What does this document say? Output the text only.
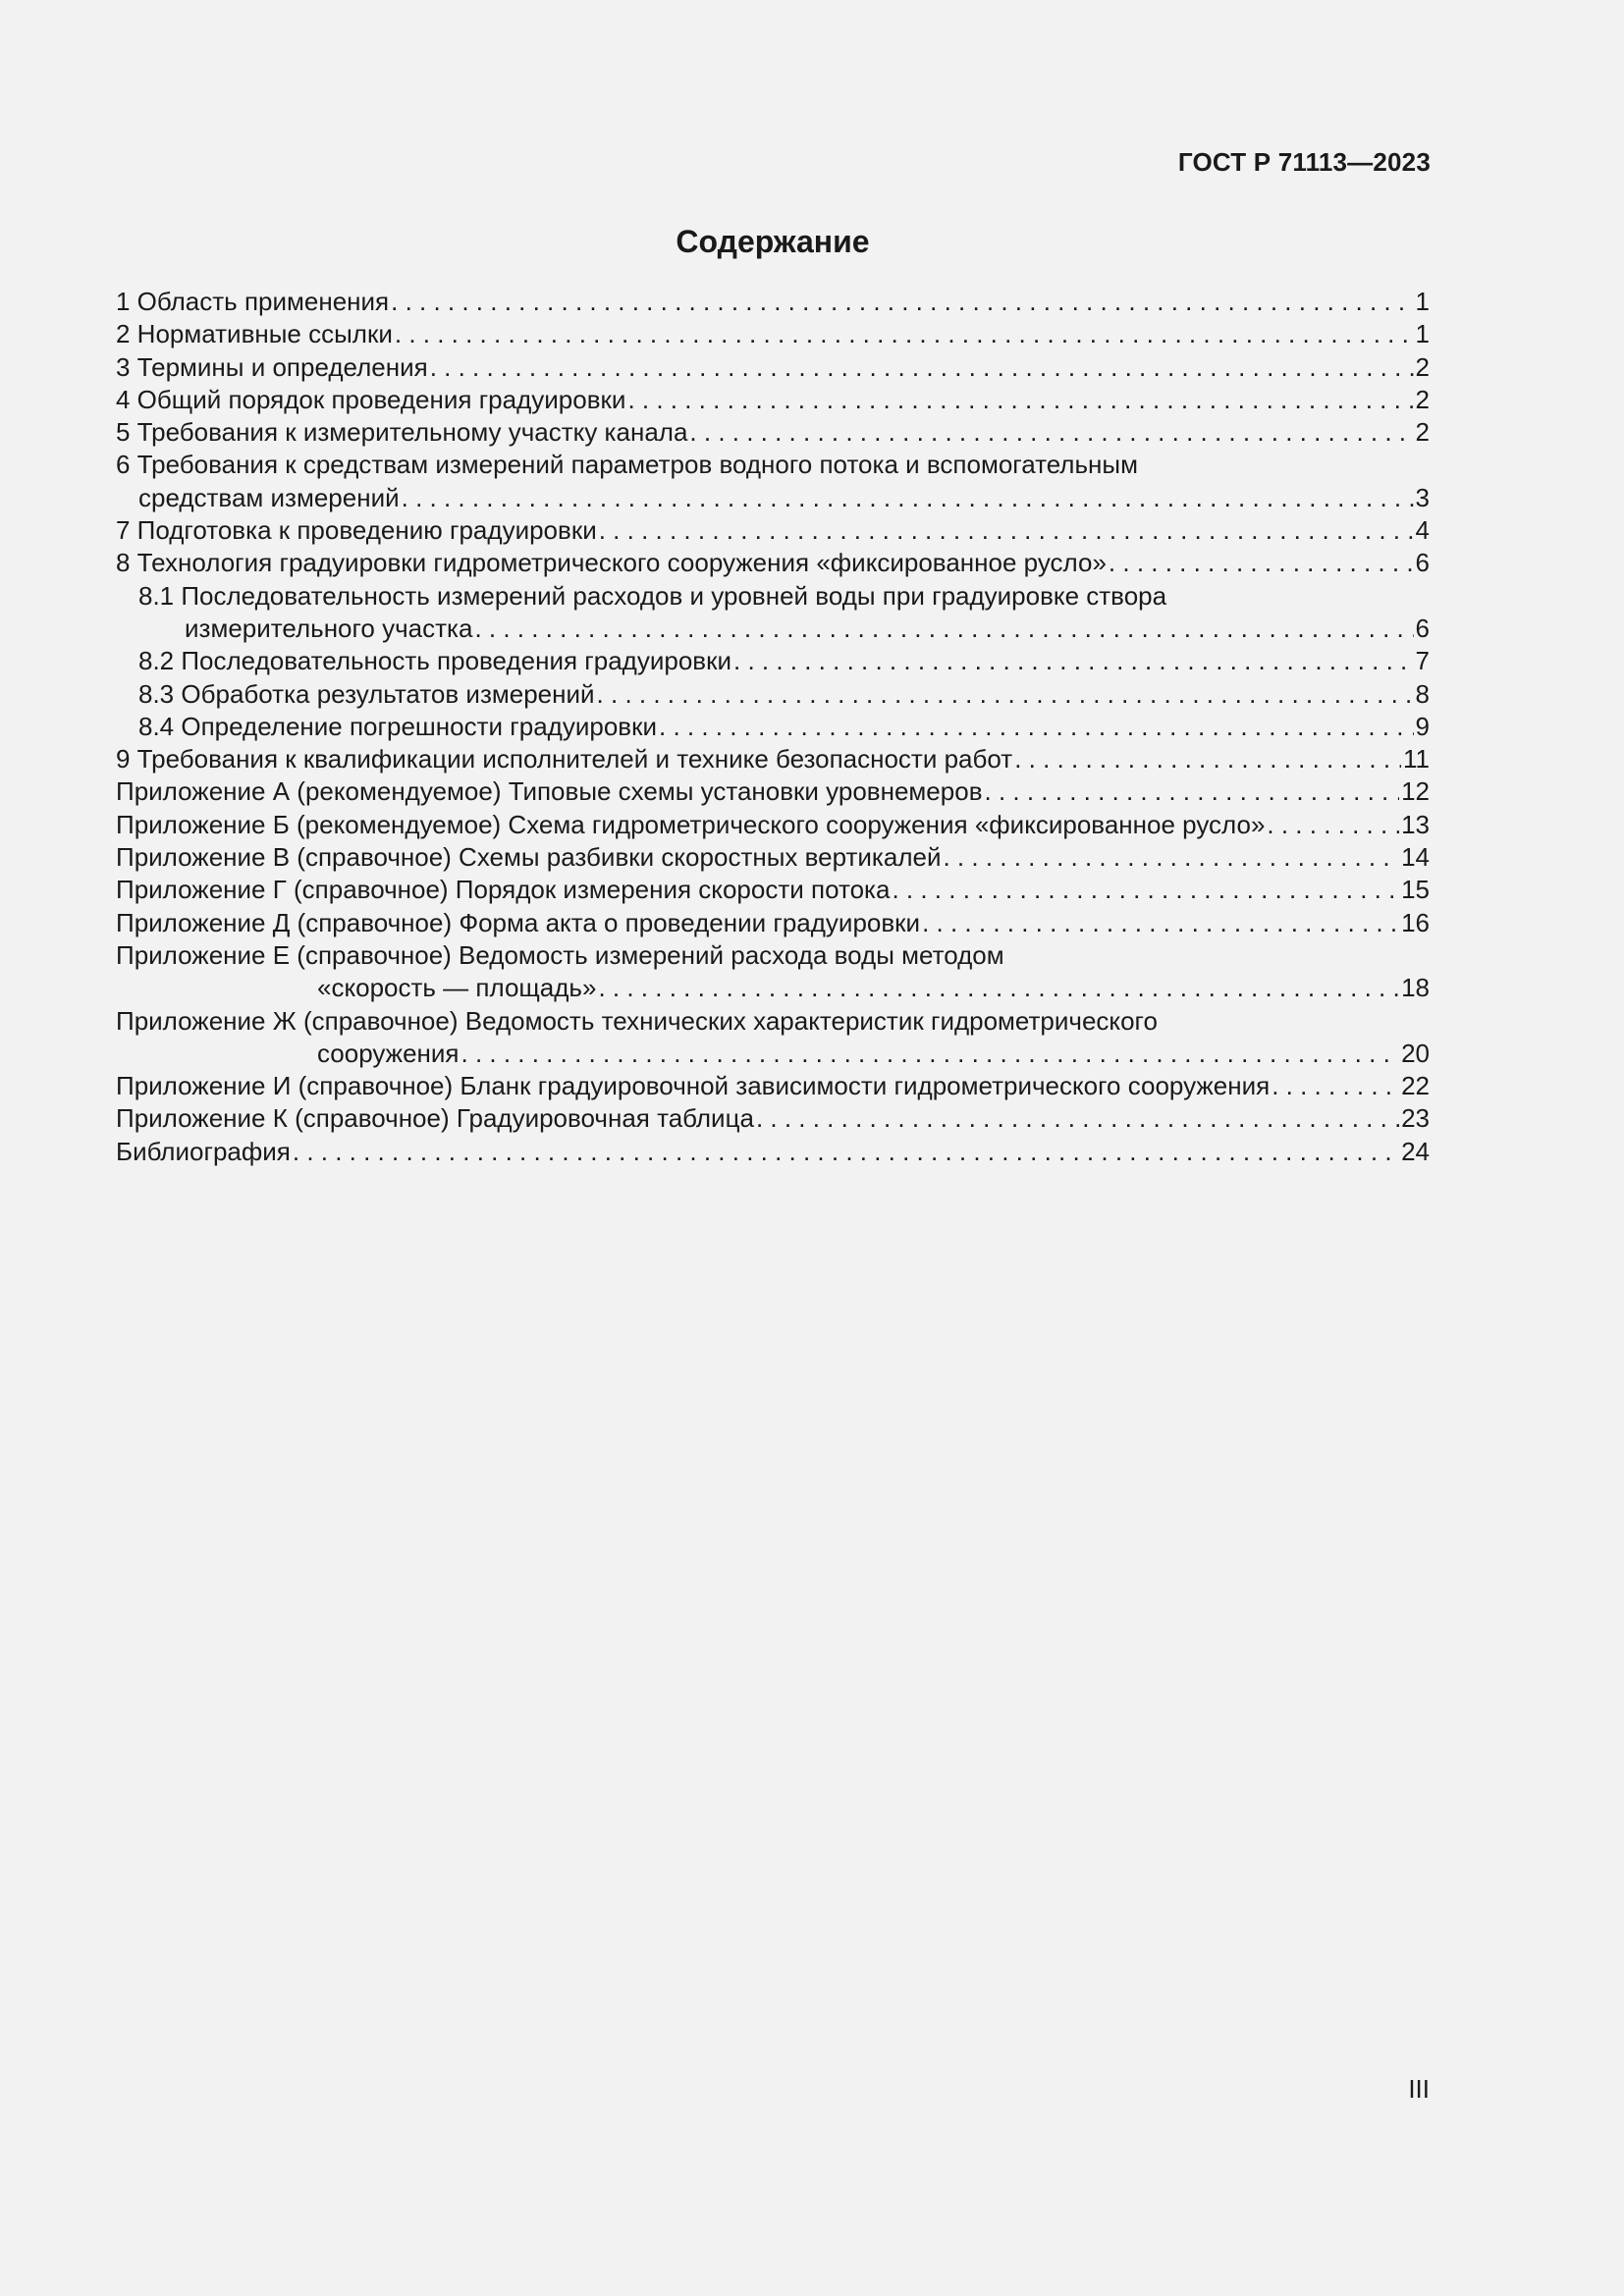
ГОСТ Р 71113—2023
Содержание
1 Область применения . . .	1
2 Нормативные ссылки . . .	1
3 Термины и определения . . .	2
4 Общий порядок проведения градуировки . . .	2
5 Требования к измерительному участку канала . . .	2
6 Требования к средствам измерений параметров водного потока и вспомогательным
средствам измерений . . .	3
7 Подготовка к проведению градуировки . . .	4
8 Технология градуировки гидрометрического сооружения «фиксированное русло» . . .	6
8.1 Последовательность измерений расходов и уровней воды при градуировке створа
измерительного участка . . .	6
8.2 Последовательность проведения градуировки . . .	7
8.3 Обработка результатов измерений . . .	8
8.4 Определение погрешности градуировки . . .	9
9 Требования к квалификации исполнителей и технике безопасности работ . . .	11
Приложение А (рекомендуемое) Типовые схемы установки уровнемеров . . .	12
Приложение Б (рекомендуемое) Схема гидрометрического сооружения «фиксированное русло» . . .	13
Приложение В (справочное) Схемы разбивки скоростных вертикалей . . .	14
Приложение Г (справочное) Порядок измерения скорости потока . . .	15
Приложение Д (справочное) Форма акта о проведении градуировки . . .	16
Приложение Е (справочное) Ведомость измерений расхода воды методом
«скорость — площадь» . . .	18
Приложение Ж (справочное) Ведомость технических характеристик гидрометрического
сооружения . . .	20
Приложение И (справочное) Бланк градуировочной зависимости гидрометрического сооружения . . .	22
Приложение К (справочное) Градуировочная таблица . . .	23
Библиография . . .	24
III
